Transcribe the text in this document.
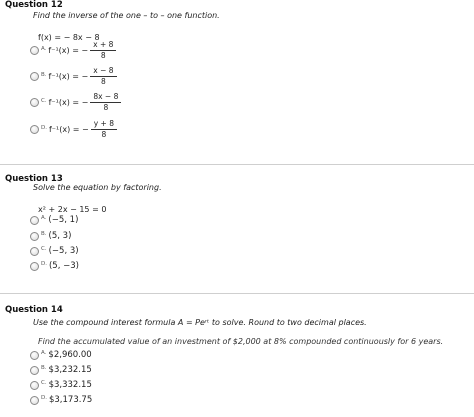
Question 12
Find the inverse of the one – to – one function.
f(x) = − 8x − 8
A. f⁻¹(x) = − $\frac{x + 8}{8}$
B. f⁻¹(x) = − $\frac{x - 8}{8}$
C. f⁻¹(x) = − $\frac{8x - 8}{8}$
D. f⁻¹(x) = − $\frac{y + 8}{8}$
Question 13
Solve the equation by factoring.
x² + 2x − 15 = 0
A. (−5, 1)
B. (5, 3)
C. (−5, 3)
D. (5, −3)
Question 14
Use the compound interest formula A = Peʳᵗ to solve. Round to two decimal places.
Find the accumulated value of an investment of $2,000 at 8% compounded continuously for 6 years.
A. $2,960.00
B. $3,232.15
C. $3,332.15
D. $3,173.75
